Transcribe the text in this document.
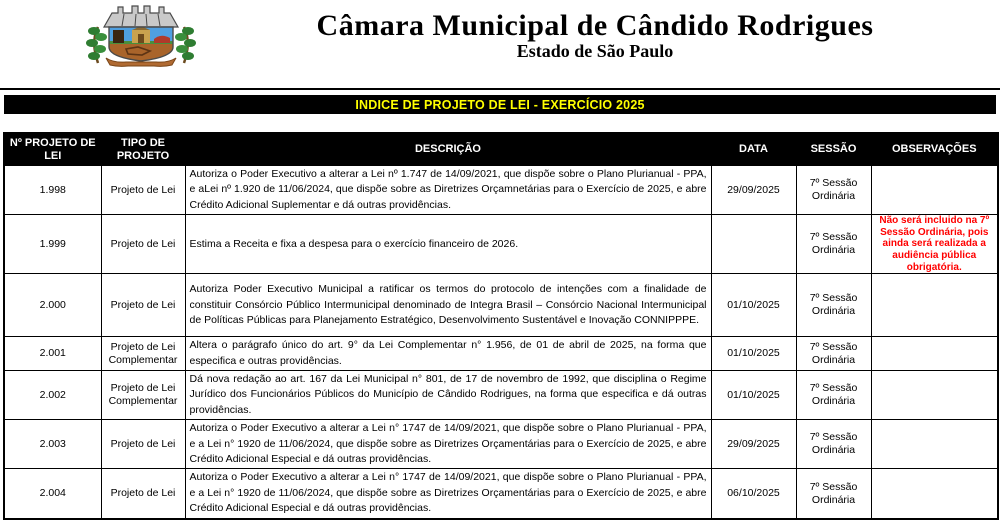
Câmara Municipal de Cândido Rodrigues
Estado de São Paulo
INDICE DE PROJETO DE LEI - EXERCÍCIO 2025
Nº PROJETO DE LEI	TIPO DE PROJETO	DESCRIÇÃO	DATA	SESSÃO	OBSERVAÇÕES
1.998	Projeto de Lei	Autoriza o Poder Executivo a alterar a Lei nº 1.747 de 14/09/2021, que dispõe sobre o Plano Plurianual - PPA, e aLei nº 1.920 de 11/06/2024, que dispõe sobre as Diretrizes Orçamnetárias para o Exercício de 2025, e abre Crédito Adicional Suplementar e dá outras providências.	29/09/2025	7º Sessão Ordinária	
1.999	Projeto de Lei	Estima a Receita e fixa a despesa para o exercício financeiro de 2026.		7º Sessão Ordinária	Não será incluido na 7º Sessão Ordinária, pois ainda será realizada a audiência pública obrigatória.
2.000	Projeto de Lei	Autoriza Poder Executivo Municipal a ratificar os termos do protocolo de intenções com a finalidade de constituir Consórcio Público Intermunicipal denominado de Integra Brasil – Consórcio Nacional Intermunicipal de Políticas Públicas para Planejamento Estratégico, Desenvolvimento Sustentável e Inovação CONNIPPPE.	01/10/2025	7º Sessão Ordinária	
2.001	Projeto de Lei Complementar	Altera o parágrafo único do art. 9° da Lei Complementar n° 1.956, de 01 de abril de 2025, na forma que especifica e outras providências.	01/10/2025	7º Sessão Ordinária	
2.002	Projeto de Lei Complementar	Dá nova redação ao art. 167 da Lei Municipal n° 801, de 17 de novembro de 1992, que disciplina o Regime Jurídico dos Funcionários Públicos do Município de Cândido Rodrigues, na forma que especifica e dá outras providências.	01/10/2025	7º Sessão Ordinária	
2.003	Projeto de Lei	Autoriza o Poder Executivo a alterar a Lei n° 1747 de 14/09/2021, que dispõe sobre o Plano Plurianual - PPA, e a Lei n° 1920 de 11/06/2024, que dispõe sobre as Diretrizes Orçamentárias para o Exercício de 2025, e abre Crédito Adicional Especial e dá outras providências.	29/09/2025	7º Sessão Ordinária	
2.004	Projeto de Lei	Autoriza o Poder Executivo a alterar a Lei n° 1747 de 14/09/2021, que dispõe sobre o Plano Plurianual - PPA, e a Lei n° 1920 de 11/06/2024, que dispõe sobre as Diretrizes Orçamentárias para o Exercício de 2025, e abre Crédito Adicional Especial e dá outras providências.	06/10/2025	7º Sessão Ordinária	
